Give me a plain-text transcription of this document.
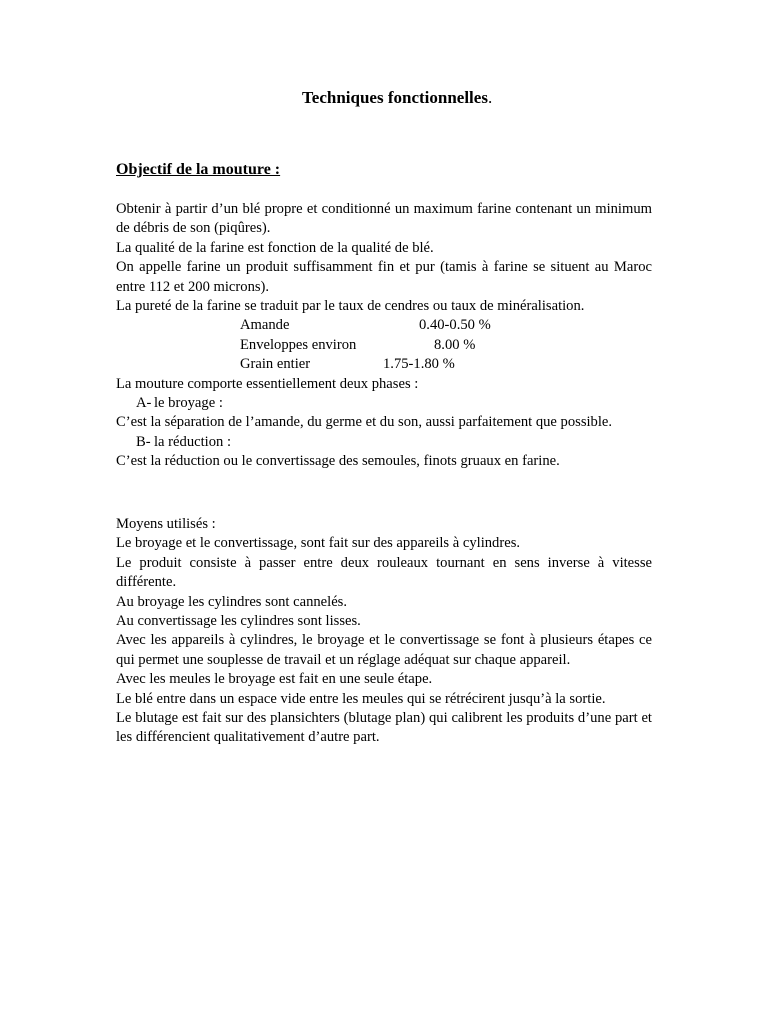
Techniques fonctionnelles.
Objectif de la mouture :

Obtenir à partir d’un blé propre et conditionné un maximum farine contenant un minimum de débris de son (piqûres).

La qualité de la farine est fonction de la qualité de blé.

On appelle farine un produit suffisamment fin et pur (tamis à farine se situent au Maroc entre 112 et 200 microns).

La pureté de la farine se traduit par le taux de cendres ou taux de minéralisation.

Amande	0.40-0.50 %
Enveloppes environ	8.00 %
Grain entier	1.75-1.80 %

La mouture comporte essentiellement deux phases :

A- le broyage :

C’est la séparation de l’amande, du germe et du son, aussi parfaitement que possible.

B- la réduction :

C’est la réduction ou le convertissage des semoules, finots gruaux en farine.

Moyens utilisés :

Le broyage et le convertissage, sont fait sur des appareils à cylindres.

Le produit consiste à passer entre deux rouleaux tournant en sens inverse à vitesse différente.

Au broyage les cylindres sont cannelés.

Au convertissage les cylindres sont lisses.

Avec les appareils à cylindres, le broyage et le convertissage se font à plusieurs étapes ce qui permet une souplesse de travail et un réglage adéquat sur chaque appareil.

Avec les meules le broyage est fait en une seule étape.

Le blé entre dans un espace vide entre les meules qui se rétrécirent jusqu’à la sortie.

Le blutage est fait sur des plansichters (blutage plan) qui calibrent les produits d’une part et les différencient qualitativement d’autre part.
